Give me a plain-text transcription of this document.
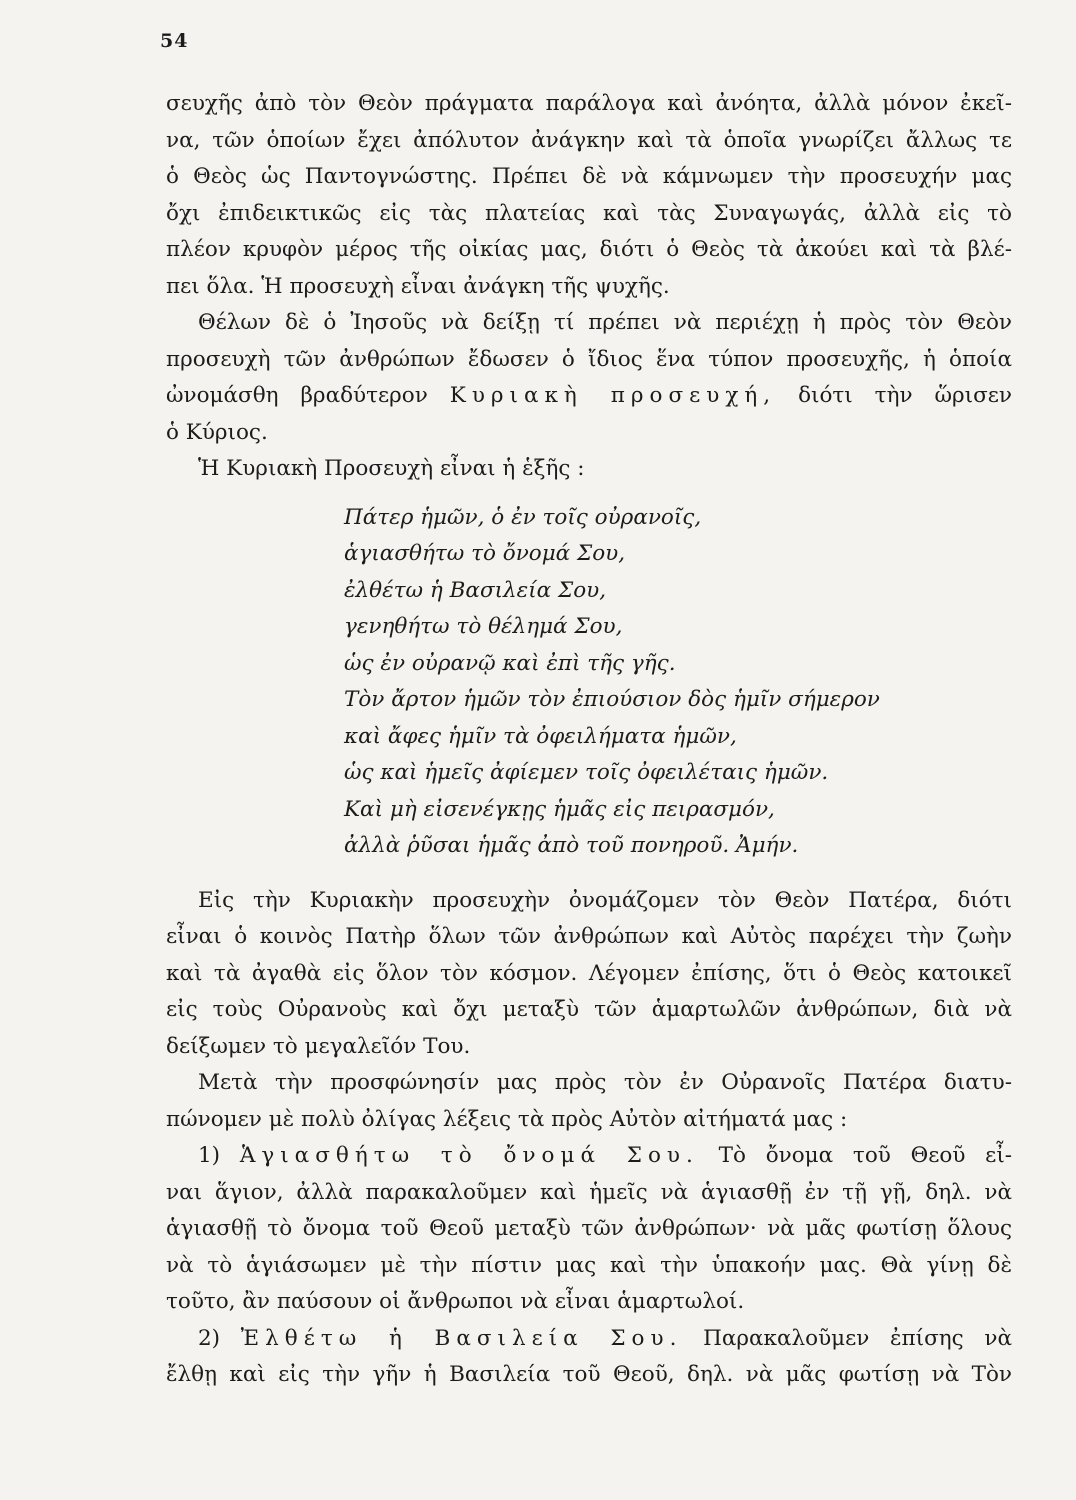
54
σευχῆς ἀπὸ τὸν Θεὸν πράγματα παράλογα καὶ ἀνόητα, ἀλλὰ μόνον ἐκεῖ-
να, τῶν ὁποίων ἔχει ἀπόλυτον ἀνάγκην καὶ τὰ ὁποῖα γνωρίζει ἄλλως τε
ὁ Θεὸς ὡς Παντογνώστης. Πρέπει δὲ νὰ κάμνωμεν τὴν προσευχήν μας
ὄχι ἐπιδεικτικῶς εἰς τὰς πλατείας καὶ τὰς Συναγωγάς, ἀλλὰ εἰς τὸ
πλέον κρυφὸν μέρος τῆς οἰκίας μας, διότι ὁ Θεὸς τὰ ἀκούει καὶ τὰ βλέ-
πει ὅλα. Ἡ προσευχὴ εἶναι ἀνάγκη τῆς ψυχῆς.
Θέλων δὲ ὁ Ἰησοῦς νὰ δείξῃ τί πρέπει νὰ περιέχῃ ἡ πρὸς τὸν Θεὸν
προσευχὴ τῶν ἀνθρώπων ἔδωσεν ὁ ἴδιος ἕνα τύπον προσευχῆς, ἡ ὁποία
ὠνομάσθη βραδύτερον Κυριακὴ προσευχή, διότι τὴν ὥρισεν
ὁ Κύριος.
Ἡ Κυριακὴ Προσευχὴ εἶναι ἡ ἑξῆς :
Πάτερ ἡμῶν, ὁ ἐν τοῖς οὐρανοῖς,
ἁγιασθήτω τὸ ὄνομά Σου,
ἐλθέτω ἡ Βασιλεία Σου,
γενηθήτω τὸ θέλημά Σου,
ὡς ἐν οὐρανῷ καὶ ἐπὶ τῆς γῆς.
Τὸν ἄρτον ἡμῶν τὸν ἐπιούσιον δὸς ἡμῖν σήμερον
καὶ ἄφες ἡμῖν τὰ ὀφειλήματα ἡμῶν,
ὡς καὶ ἡμεῖς ἀφίεμεν τοῖς ὀφειλέταις ἡμῶν.
Καὶ μὴ εἰσενέγκῃς ἡμᾶς εἰς πειρασμόν,
ἀλλὰ ῥῦσαι ἡμᾶς ἀπὸ τοῦ πονηροῦ. Ἀμήν.
Εἰς τὴν Κυριακὴν προσευχὴν ὀνομάζομεν τὸν Θεὸν Πατέρα, διότι
εἶναι ὁ κοινὸς Πατὴρ ὅλων τῶν ἀνθρώπων καὶ Αὐτὸς παρέχει τὴν ζωὴν
καὶ τὰ ἀγαθὰ εἰς ὅλον τὸν κόσμον. Λέγομεν ἐπίσης, ὅτι ὁ Θεὸς κατοικεῖ
εἰς τοὺς Οὐρανοὺς καὶ ὄχι μεταξὺ τῶν ἁμαρτωλῶν ἀνθρώπων, διὰ νὰ
δείξωμεν τὸ μεγαλεῖόν Του.
Μετὰ τὴν προσφώνησίν μας πρὸς τὸν ἐν Οὐρανοῖς Πατέρα διατυ-
πώνομεν μὲ πολὺ ὀλίγας λέξεις τὰ πρὸς Αὐτὸν αἰτήματά μας :
1) Ἁγιασθήτω τὸ ὄνομά Σου. Τὸ ὄνομα τοῦ Θεοῦ εἶ-
ναι ἅγιον, ἀλλὰ παρακαλοῦμεν καὶ ἡμεῖς νὰ ἁγιασθῇ ἐν τῇ γῇ, δηλ. νὰ
ἁγιασθῇ τὸ ὄνομα τοῦ Θεοῦ μεταξὺ τῶν ἀνθρώπων· νὰ μᾶς φωτίσῃ ὅλους
νὰ τὸ ἁγιάσωμεν μὲ τὴν πίστιν μας καὶ τὴν ὑπακοήν μας. Θὰ γίνῃ δὲ
τοῦτο, ἂν παύσουν οἱ ἄνθρωποι νὰ εἶναι ἁμαρτωλοί.
2) Ἐλθέτω ἡ Βασιλεία Σου. Παρακαλοῦμεν ἐπίσης νὰ
ἔλθῃ καὶ εἰς τὴν γῆν ἡ Βασιλεία τοῦ Θεοῦ, δηλ. νὰ μᾶς φωτίσῃ νὰ Τὸν
